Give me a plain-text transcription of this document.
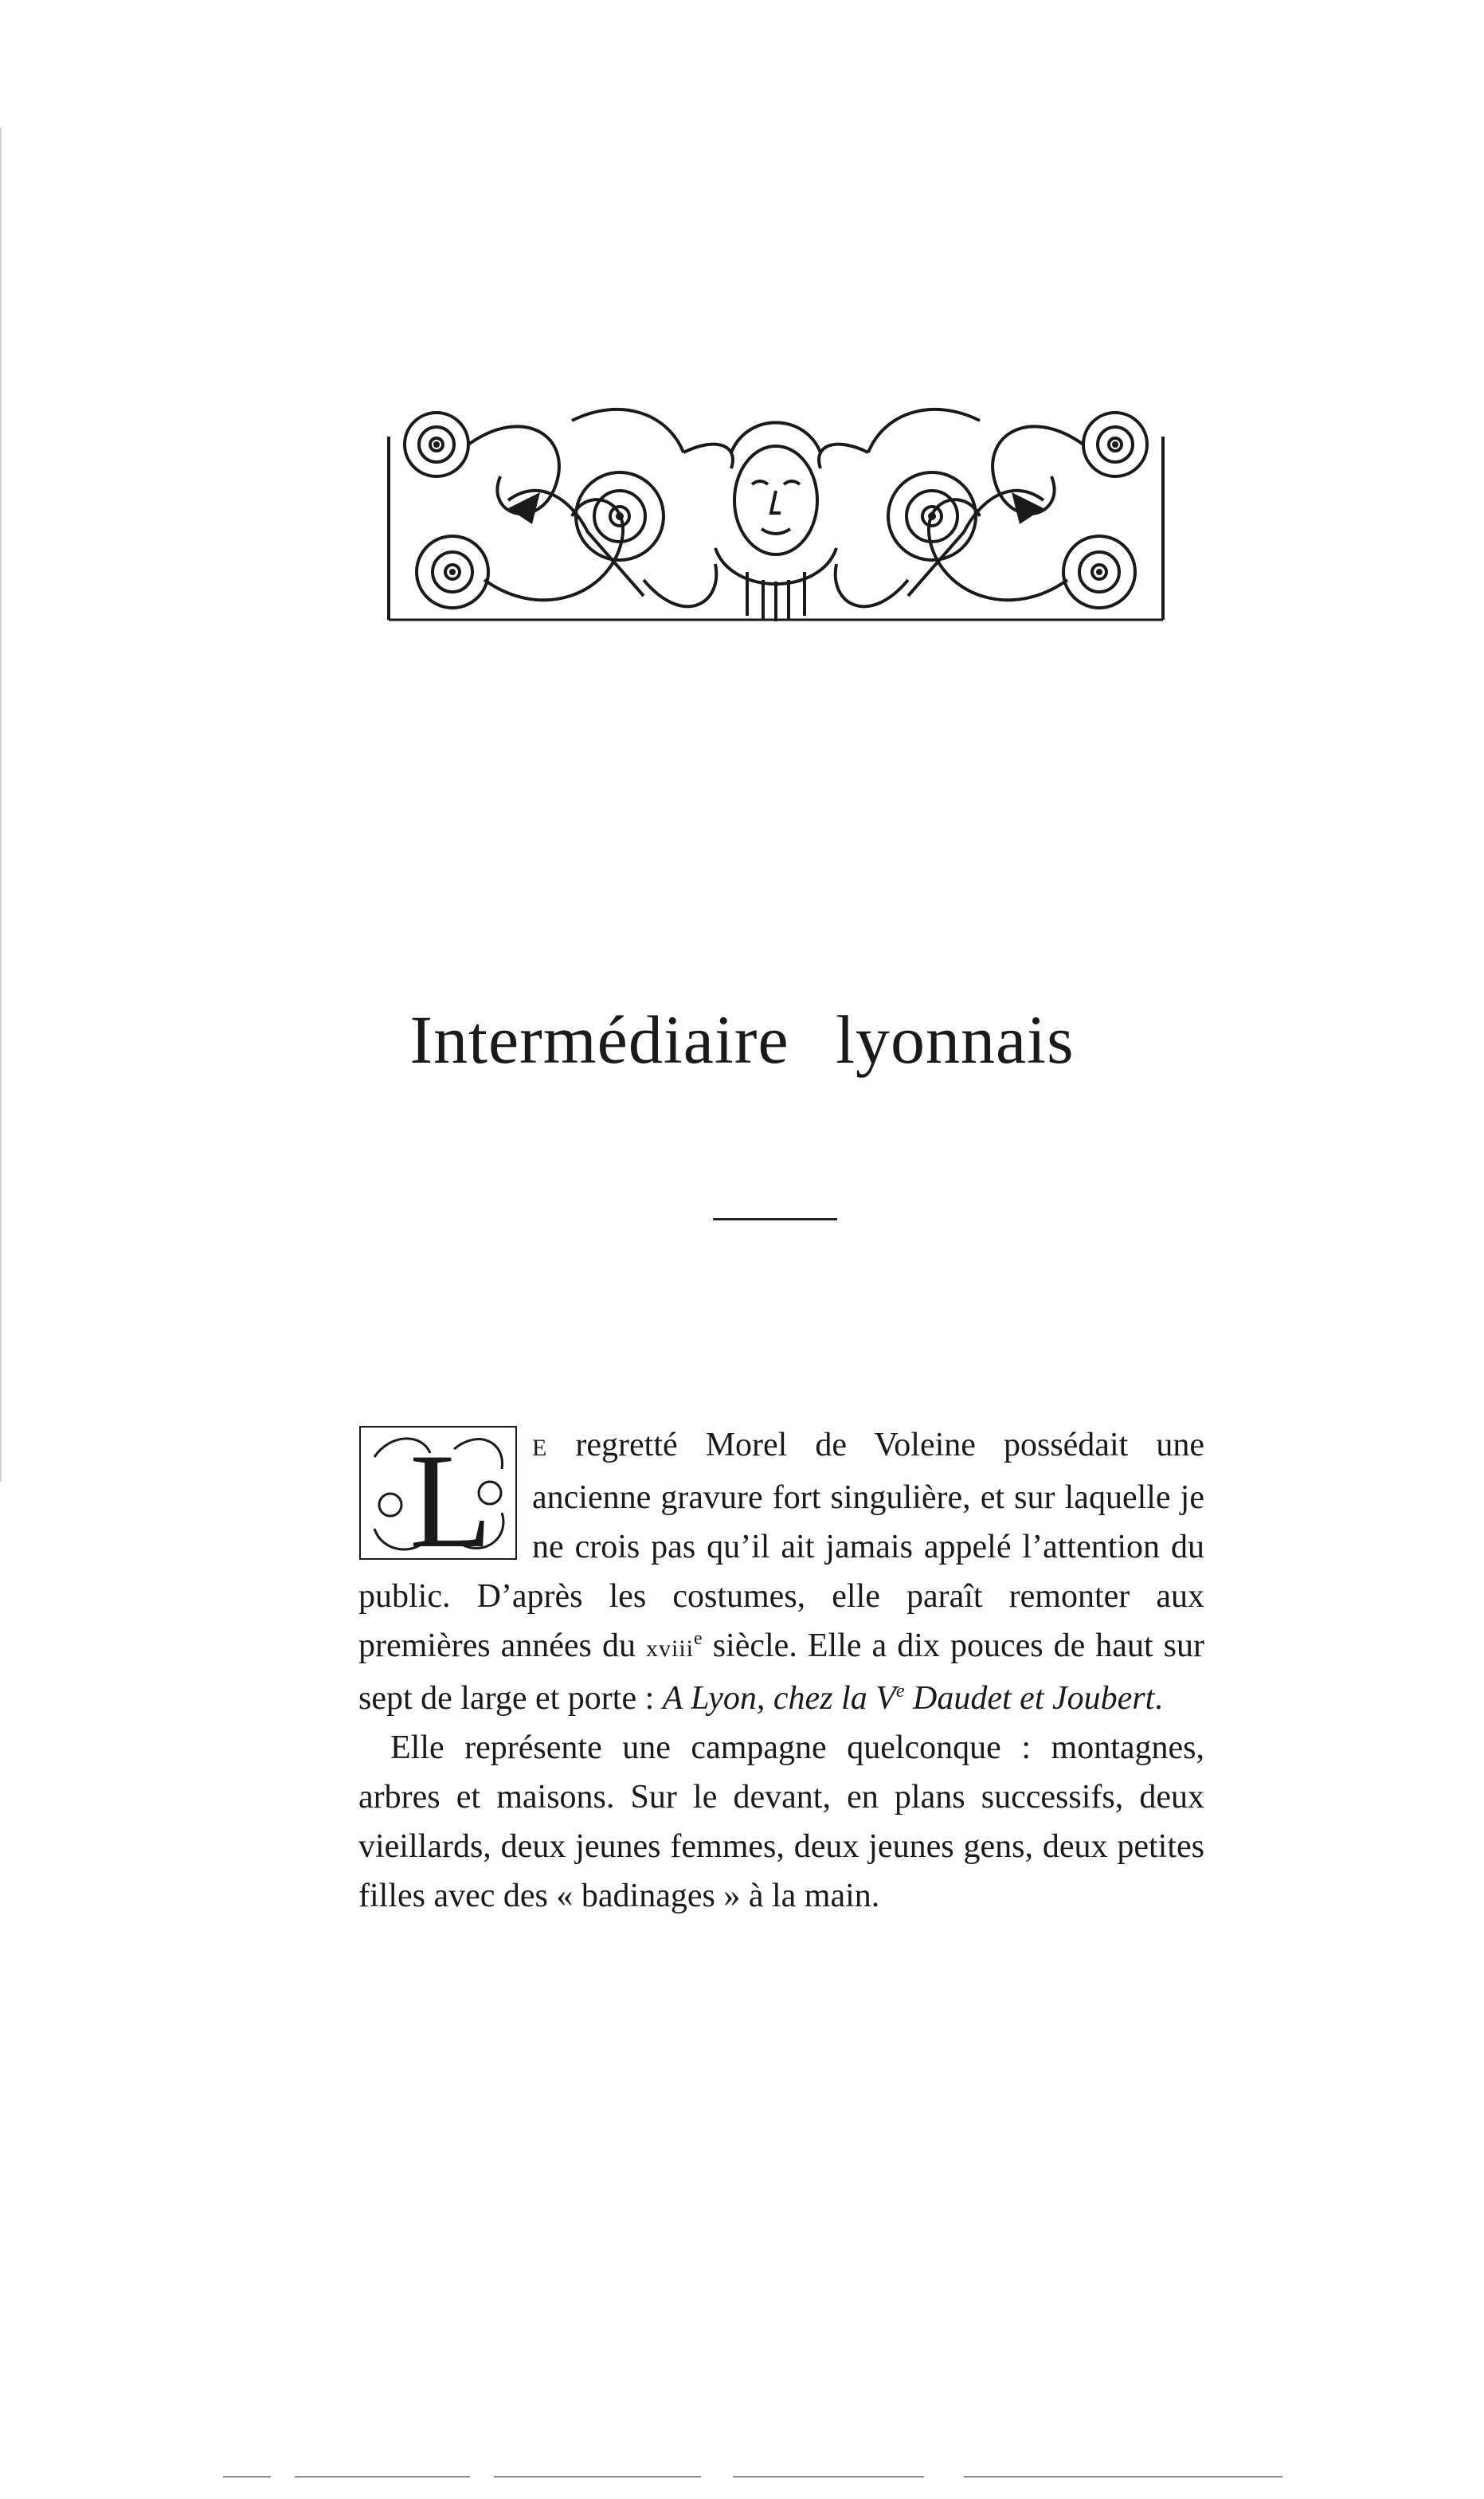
Intermédiaire lyonnais
L	E regretté Morel de Voleine possédait une ancienne gravure fort singulière, et sur laquelle je ne crois pas qu’il ait jamais appelé l’attention du public. D’après les costumes, elle paraît remonter aux premières années du xviii$^e$ siècle. Elle a dix pouces de haut sur sept de large et porte : A Lyon, chez la Ve Daudet et Joubert.

Elle représente une campagne quelconque : montagnes, arbres et maisons. Sur le devant, en plans successifs, deux vieillards, deux jeunes femmes, deux jeunes gens, deux petites filles avec des « badinages » à la main.
